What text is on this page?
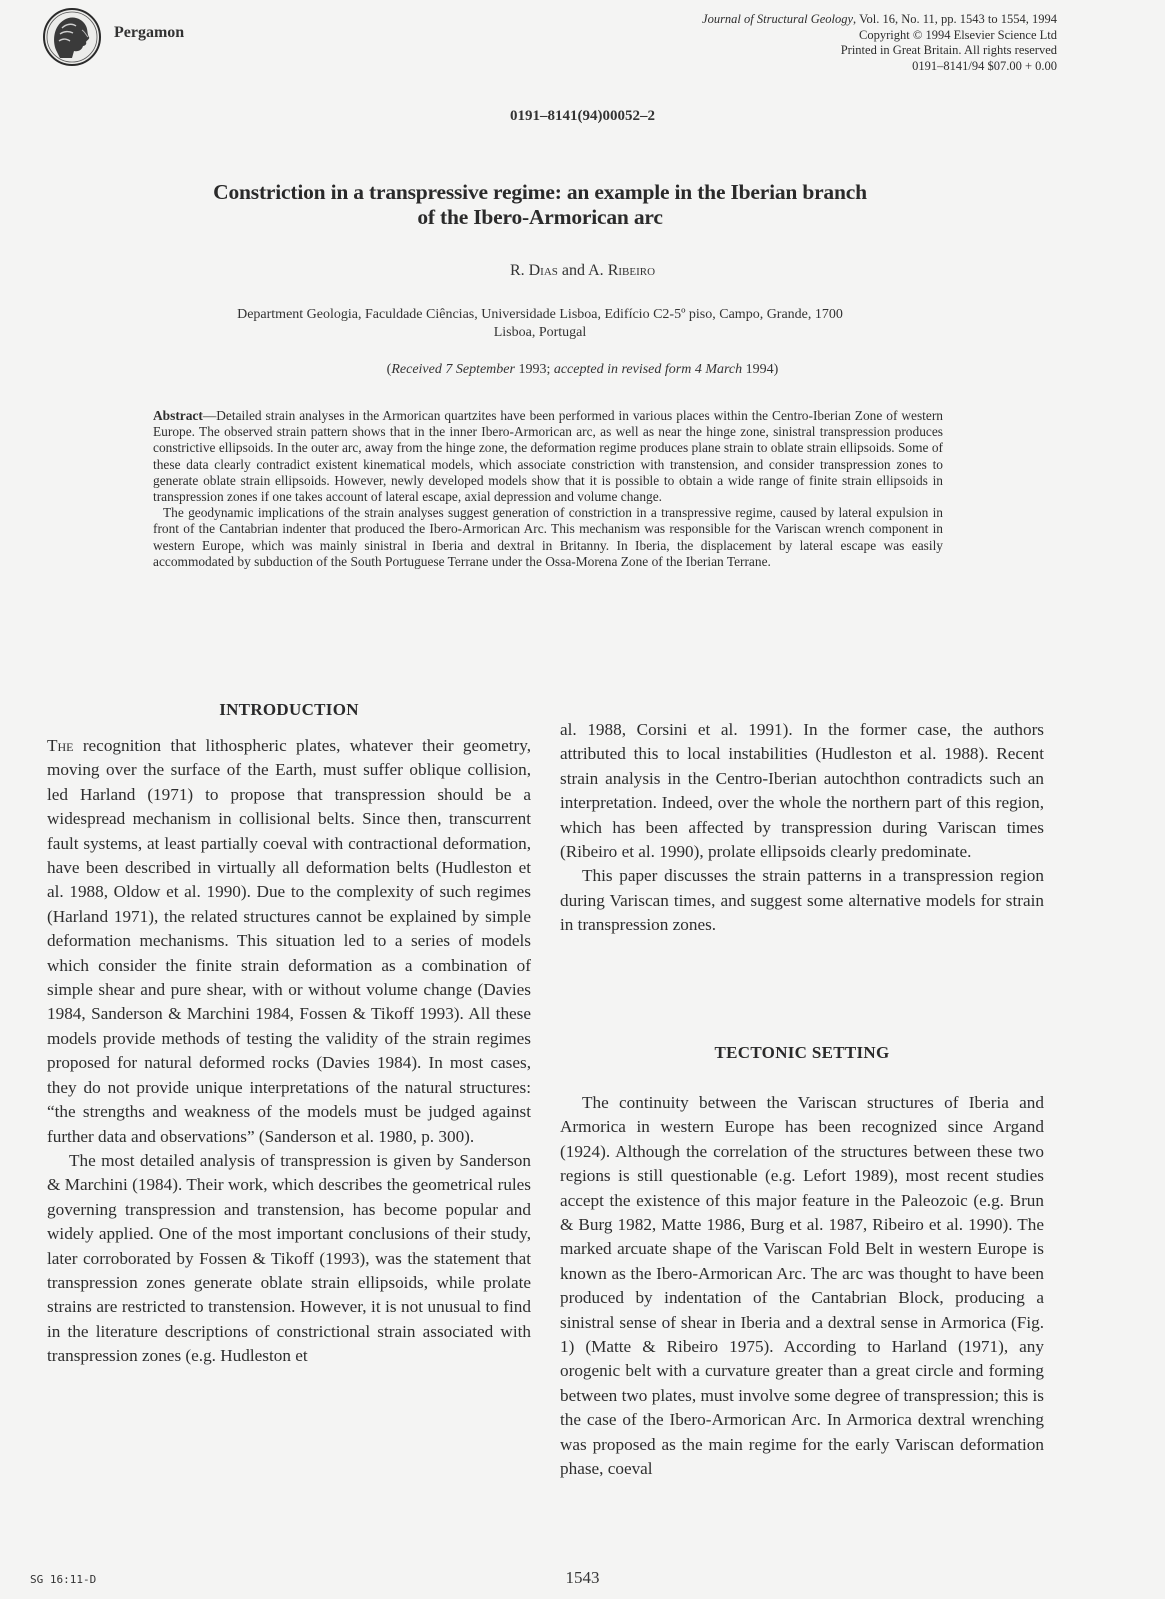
Pergamon
Journal of Structural Geology, Vol. 16, No. 11, pp. 1543 to 1554, 1994
Copyright © 1994 Elsevier Science Ltd
Printed in Great Britain. All rights reserved
0191–8141/94 $07.00 + 0.00
0191–8141(94)00052–2
Constriction in a transpressive regime: an example in the Iberian branch
of the Ibero-Armorican arc
R. Dias and A. Ribeiro
Department Geologia, Faculdade Ciências, Universidade Lisboa, Edifício C2-5º piso, Campo, Grande, 1700
Lisboa, Portugal
(Received 7 September 1993; accepted in revised form 4 March 1994)

Abstract—Detailed strain analyses in the Armorican quartzites have been performed in various places within the Centro-Iberian Zone of western Europe. The observed strain pattern shows that in the inner Ibero-Armorican arc, as well as near the hinge zone, sinistral transpression produces constrictive ellipsoids. In the outer arc, away from the hinge zone, the deformation regime produces plane strain to oblate strain ellipsoids. Some of these data clearly contradict existent kinematical models, which associate constriction with transtension, and consider transpression zones to generate oblate strain ellipsoids. However, newly developed models show that it is possible to obtain a wide range of finite strain ellipsoids in transpression zones if one takes account of lateral escape, axial depression and volume change.

The geodynamic implications of the strain analyses suggest generation of constriction in a transpressive regime, caused by lateral expulsion in front of the Cantabrian indenter that produced the Ibero-Armorican Arc. This mechanism was responsible for the Variscan wrench component in western Europe, which was mainly sinistral in Iberia and dextral in Britanny. In Iberia, the displacement by lateral escape was easily accommodated by subduction of the South Portuguese Terrane under the Ossa-Morena Zone of the Iberian Terrane.

INTRODUCTION

The recognition that lithospheric plates, whatever their geometry, moving over the surface of the Earth, must suffer oblique collision, led Harland (1971) to propose that transpression should be a widespread mechanism in collisional belts. Since then, transcurrent fault systems, at least partially coeval with contractional deformation, have been described in virtually all deformation belts (Hudleston et al. 1988, Oldow et al. 1990). Due to the complexity of such regimes (Harland 1971), the related structures cannot be explained by simple deformation mechanisms. This situation led to a series of models which consider the finite strain deformation as a combination of simple shear and pure shear, with or without volume change (Davies 1984, Sanderson & Marchini 1984, Fossen & Tikoff 1993). All these models provide methods of testing the validity of the strain regimes proposed for natural deformed rocks (Davies 1984). In most cases, they do not provide unique interpretations of the natural structures: “the strengths and weakness of the models must be judged against further data and observations” (Sanderson et al. 1980, p. 300).

The most detailed analysis of transpression is given by Sanderson & Marchini (1984). Their work, which describes the geometrical rules governing transpression and transtension, has become popular and widely applied. One of the most important conclusions of their study, later corroborated by Fossen & Tikoff (1993), was the statement that transpression zones generate oblate strain ellipsoids, while prolate strains are restricted to transtension. However, it is not unusual to find in the literature descriptions of constrictional strain associated with transpression zones (e.g. Hudleston et

al. 1988, Corsini et al. 1991). In the former case, the authors attributed this to local instabilities (Hudleston et al. 1988). Recent strain analysis in the Centro-Iberian autochthon contradicts such an interpretation. Indeed, over the whole the northern part of this region, which has been affected by transpression during Variscan times (Ribeiro et al. 1990), prolate ellipsoids clearly predominate.

This paper discusses the strain patterns in a transpression region during Variscan times, and suggest some alternative models for strain in transpression zones.

TECTONIC SETTING

The continuity between the Variscan structures of Iberia and Armorica in western Europe has been recognized since Argand (1924). Although the correlation of the structures between these two regions is still questionable (e.g. Lefort 1989), most recent studies accept the existence of this major feature in the Paleozoic (e.g. Brun & Burg 1982, Matte 1986, Burg et al. 1987, Ribeiro et al. 1990). The marked arcuate shape of the Variscan Fold Belt in western Europe is known as the Ibero-Armorican Arc. The arc was thought to have been produced by indentation of the Cantabrian Block, producing a sinistral sense of shear in Iberia and a dextral sense in Armorica (Fig. 1) (Matte & Ribeiro 1975). According to Harland (1971), any orogenic belt with a curvature greater than a great circle and forming between two plates, must involve some degree of transpression; this is the case of the Ibero-Armorican Arc. In Armorica dextral wrenching was proposed as the main regime for the early Variscan deformation phase, coeval

SG 16:11-D	1543
